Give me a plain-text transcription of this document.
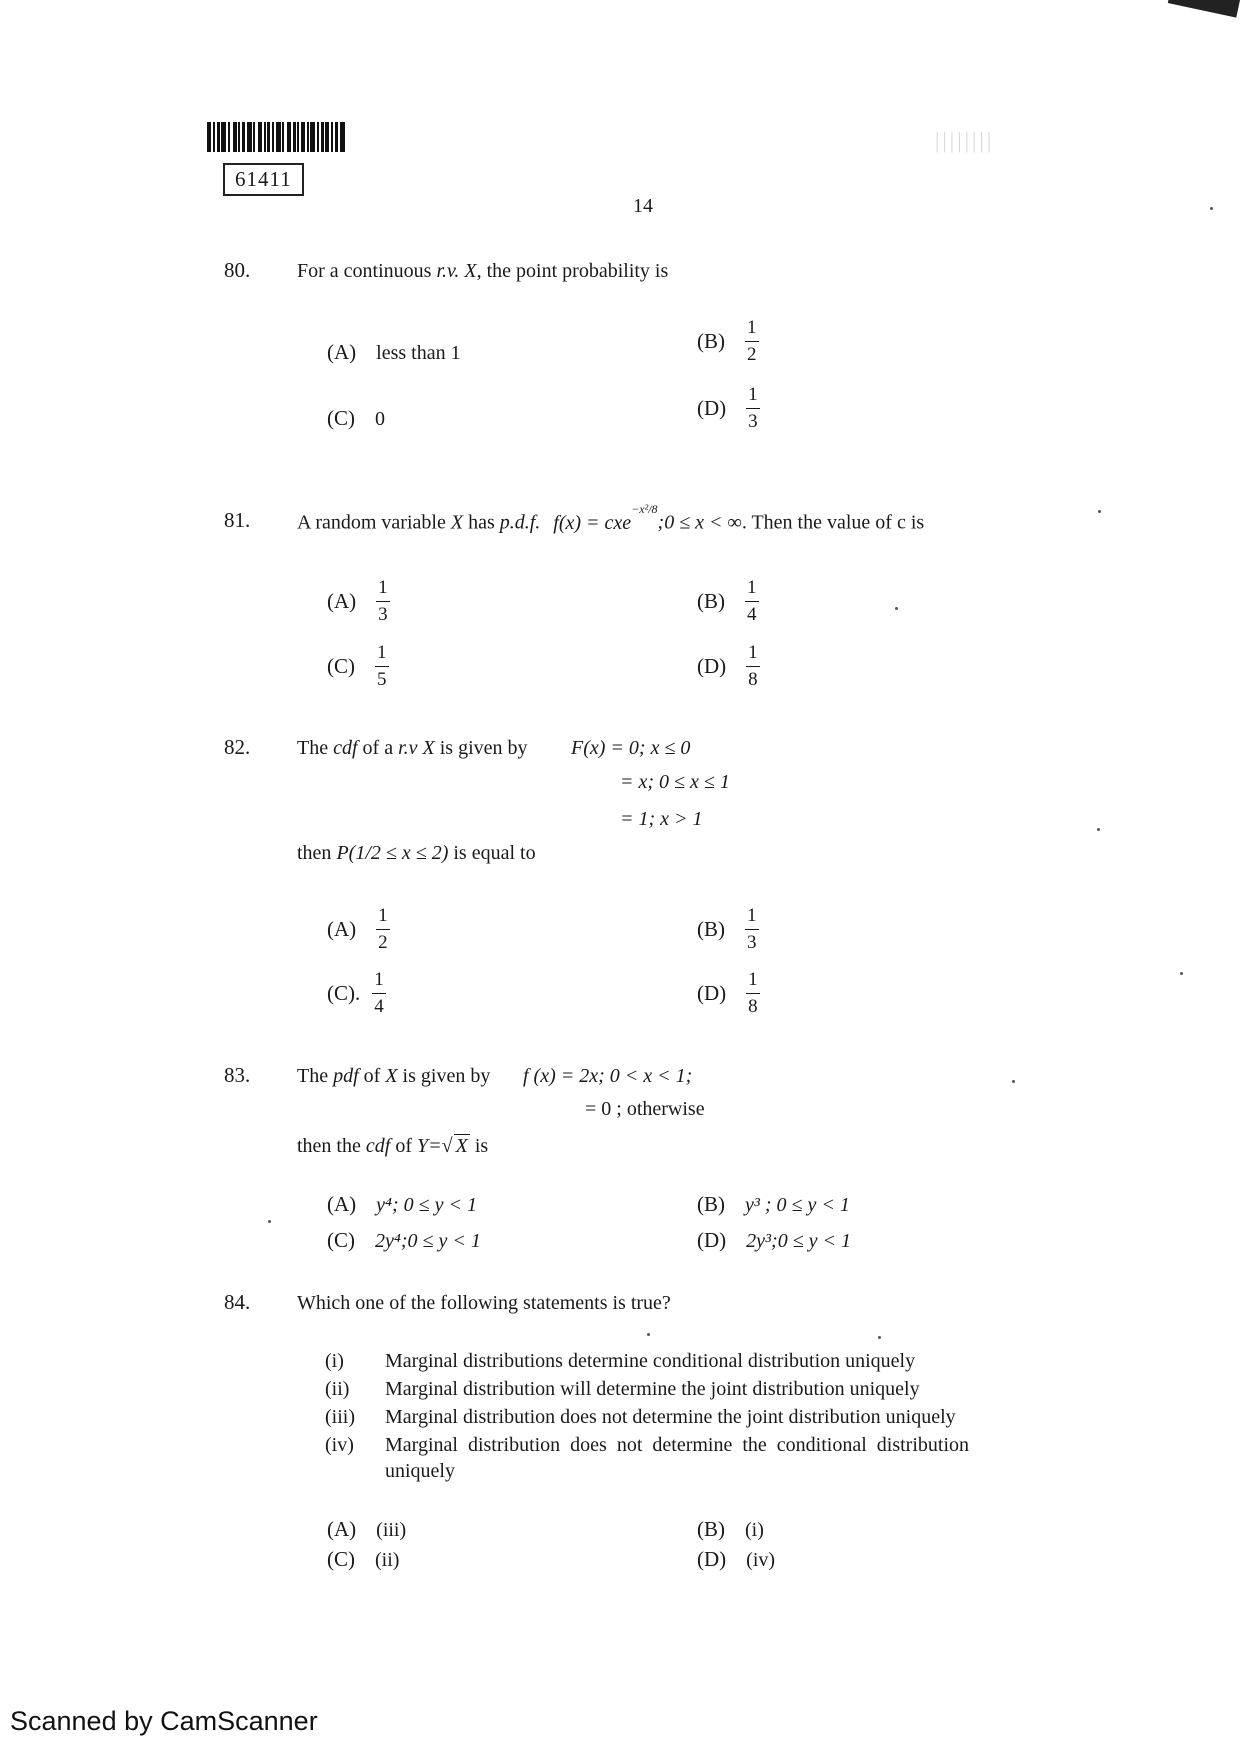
61411
||||||||
14
80. For a continuous r.v. X, the point probability is
(A) less than 1
$(B) \frac{1}{2}$
(C) 0	$(D) \frac{1}{3}$
81. A random variable X has p.d.f. f(x) = cxe$^{-x^2/8}$;0 ≤ x < ∞. Then the value of c is
$(A) \frac{1}{3}$	$(B) \frac{1}{4}$
$(C) \frac{1}{5}$	$(D) \frac{1}{8}$
82. The cdf of a r.v X is given by F(x) = 0; x ≤ 0
= x; 0 ≤ x ≤ 1
= 1; x > 1
then P(1/2 ≤ x ≤ 2) is equal to
$(A) \frac{1}{2}$	$(B) \frac{1}{3}$
(C). $\frac{1}{4}$	$(D) \frac{1}{8}$
83. The pdf of X is given by f (x) = 2x; 0 < x < 1;
= 0 ; otherwise
then the cdf of Y=√ X is
(A) y⁴; 0 ≤ y < 1	(B) y³ ; 0 ≤ y < 1
(C) 2y⁴;0 ≤ y < 1	(D) 2y³;0 ≤ y < 1
84. Which one of the following statements is true?
(i) Marginal distributions determine conditional distribution uniquely
(ii) Marginal distribution will determine the joint distribution uniquely
(iii) Marginal distribution does not determine the joint distribution uniquely
(iv) Marginal  distribution  does  not  determine  the  conditional  distribution
uniquely
(A) (iii)	(B) (i)
(C) (ii)	(D) (iv)
Scanned by CamScanner
